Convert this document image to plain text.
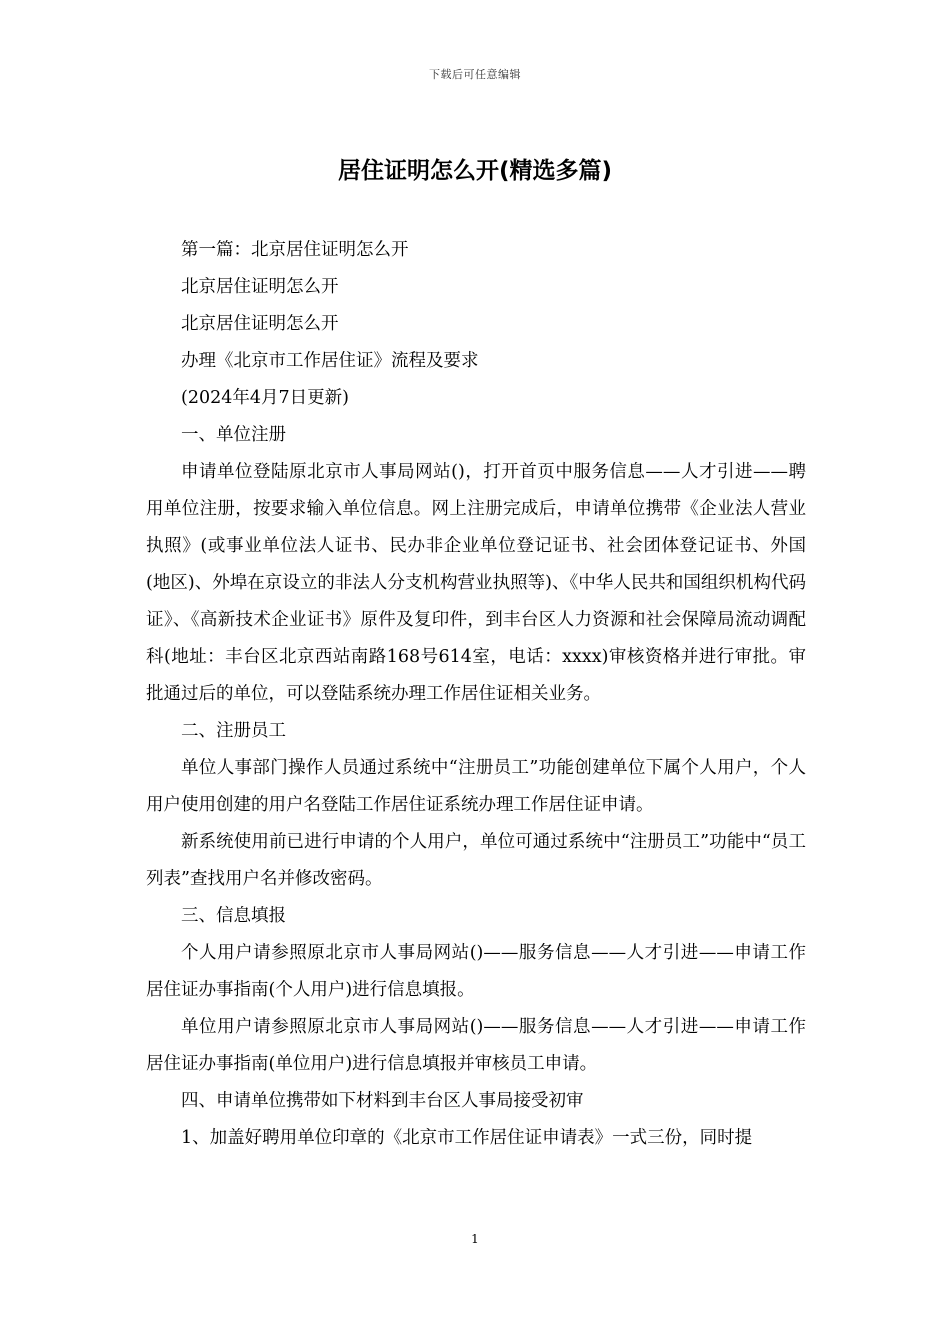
下载后可任意编辑
居住证明怎么开(精选多篇)

第一篇：北京居住证明怎么开

北京居住证明怎么开

北京居住证明怎么开

办理《北京市工作居住证》流程及要求

(2024年4月7日更新)

一、单位注册

申请单位登陆原北京市人事局网站()，打开首页中服务信息——人才引进——聘用单位注册，按要求输入单位信息。网上注册完成后，申请单位携带《企业法人营业执照》(或事业单位法人证书、民办非企业单位登记证书、社会团体登记证书、外国(地区)、外埠在京设立的非法人分支机构营业执照等)、《中华人民共和国组织机构代码证》、《高新技术企业证书》原件及复印件，到丰台区人力资源和社会保障局流动调配科(地址：丰台区北京西站南路168号614室，电话：xxxx)审核资格并进行审批。审批通过后的单位，可以登陆系统办理工作居住证相关业务。

二、注册员工

单位人事部门操作人员通过系统中“注册员工”功能创建单位下属个人用户，个人用户使用创建的用户名登陆工作居住证系统办理工作居住证申请。

新系统使用前已进行申请的个人用户，单位可通过系统中“注册员工”功能中“员工列表”查找用户名并修改密码。

三、信息填报

个人用户请参照原北京市人事局网站()——服务信息——人才引进——申请工作居住证办事指南(个人用户)进行信息填报。

单位用户请参照原北京市人事局网站()——服务信息——人才引进——申请工作居住证办事指南(单位用户)进行信息填报并审核员工申请。

四、申请单位携带如下材料到丰台区人事局接受初审

1、加盖好聘用单位印章的《北京市工作居住证申请表》一式三份，同时提

1
